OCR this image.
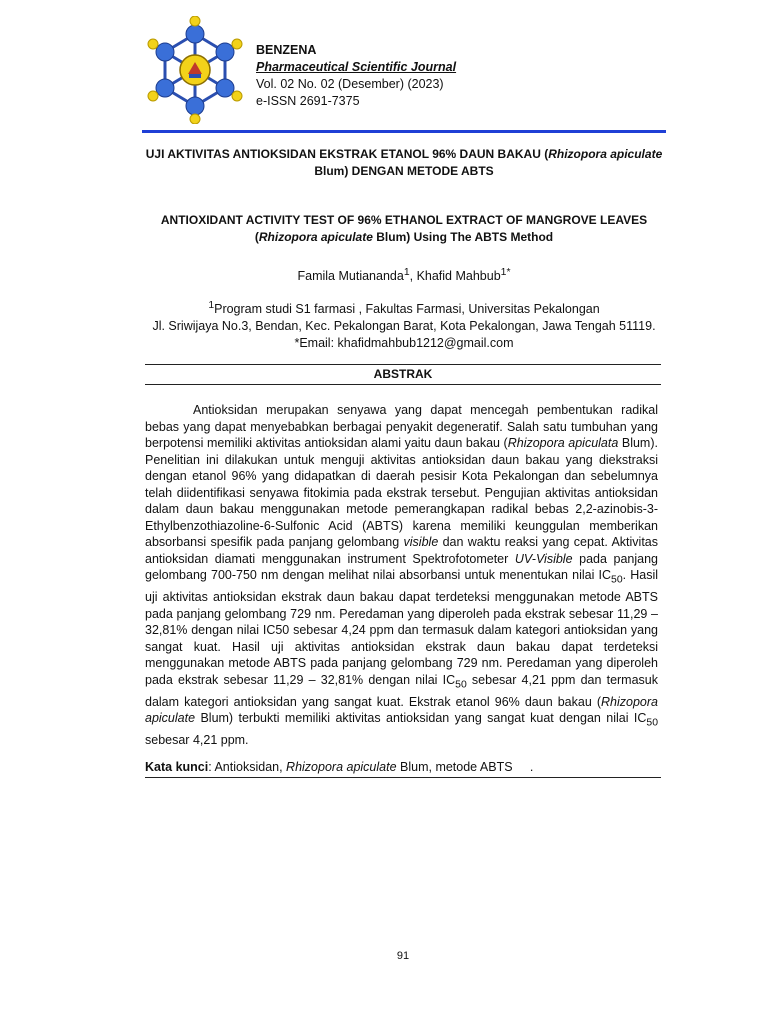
BENZENA
Pharmaceutical Scientific Journal
Vol. 02 No. 02 (Desember) (2023)
e-ISSN 2691-7375
UJI AKTIVITAS ANTIOKSIDAN EKSTRAK ETANOL 96% DAUN BAKAU (Rhizopora apiculate Blum) DENGAN METODE ABTS
ANTIOXIDANT ACTIVITY TEST OF 96% ETHANOL EXTRACT OF MANGROVE LEAVES (Rhizopora apiculate Blum) Using The ABTS Method
Famila Mutiananda$^1$, Khafid Mahbub$^{1*}$
$^1$Program studi S1 farmasi , Fakultas Farmasi, Universitas Pekalongan
Jl. Sriwijaya No.3, Bendan, Kec. Pekalongan Barat, Kota Pekalongan, Jawa Tengah 51119.
*Email: khafidmahbub1212@gmail.com
ABSTRAK
Antioksidan merupakan senyawa yang dapat mencegah pembentukan radikal bebas yang dapat menyebabkan berbagai penyakit degeneratif. Salah satu tumbuhan yang berpotensi memiliki aktivitas antioksidan alami yaitu daun bakau (Rhizopora apiculata Blum). Penelitian ini dilakukan untuk menguji aktivitas antioksidan daun bakau yang diekstraksi dengan etanol 96% yang didapatkan di daerah pesisir Kota Pekalongan dan sebelumnya telah diidentifikasi senyawa fitokimia pada ekstrak tersebut. Pengujian aktivitas antioksidan dalam daun bakau menggunakan metode pemerangkapan radikal bebas 2,2-azinobis-3-Ethylbenzothiazoline-6-Sulfonic Acid (ABTS) karena memiliki keunggulan memberikan absorbansi spesifik pada panjang gelombang visible dan waktu reaksi yang cepat. Aktivitas antioksidan diamati menggunakan instrument Spektrofotometer UV-Visible pada panjang gelombang 700-750 nm dengan melihat nilai absorbansi untuk menentukan nilai $IC_{50}$. Hasil uji aktivitas antioksidan ekstrak daun bakau dapat terdeteksi menggunakan metode ABTS pada panjang gelombang 729 nm. Peredaman yang diperoleh pada ekstrak sebesar 11,29 – 32,81% dengan nilai IC50 sebesar 4,24 ppm dan termasuk dalam kategori antioksidan yang sangat kuat. Hasil uji aktivitas antioksidan ekstrak daun bakau dapat terdeteksi menggunakan metode ABTS pada panjang gelombang 729 nm. Peredaman yang diperoleh pada ekstrak sebesar 11,29 – 32,81% dengan nilai $IC_{50}$ sebesar 4,21 ppm dan termasuk dalam kategori antioksidan yang sangat kuat. Ekstrak etanol 96% daun bakau (Rhizopora apiculate Blum) terbukti memiliki aktivitas antioksidan yang sangat kuat dengan nilai $IC_{50}$ sebesar 4,21 ppm.
Kata kunci: Antioksidan, Rhizopora apiculate Blum, metode ABTS     .
91
